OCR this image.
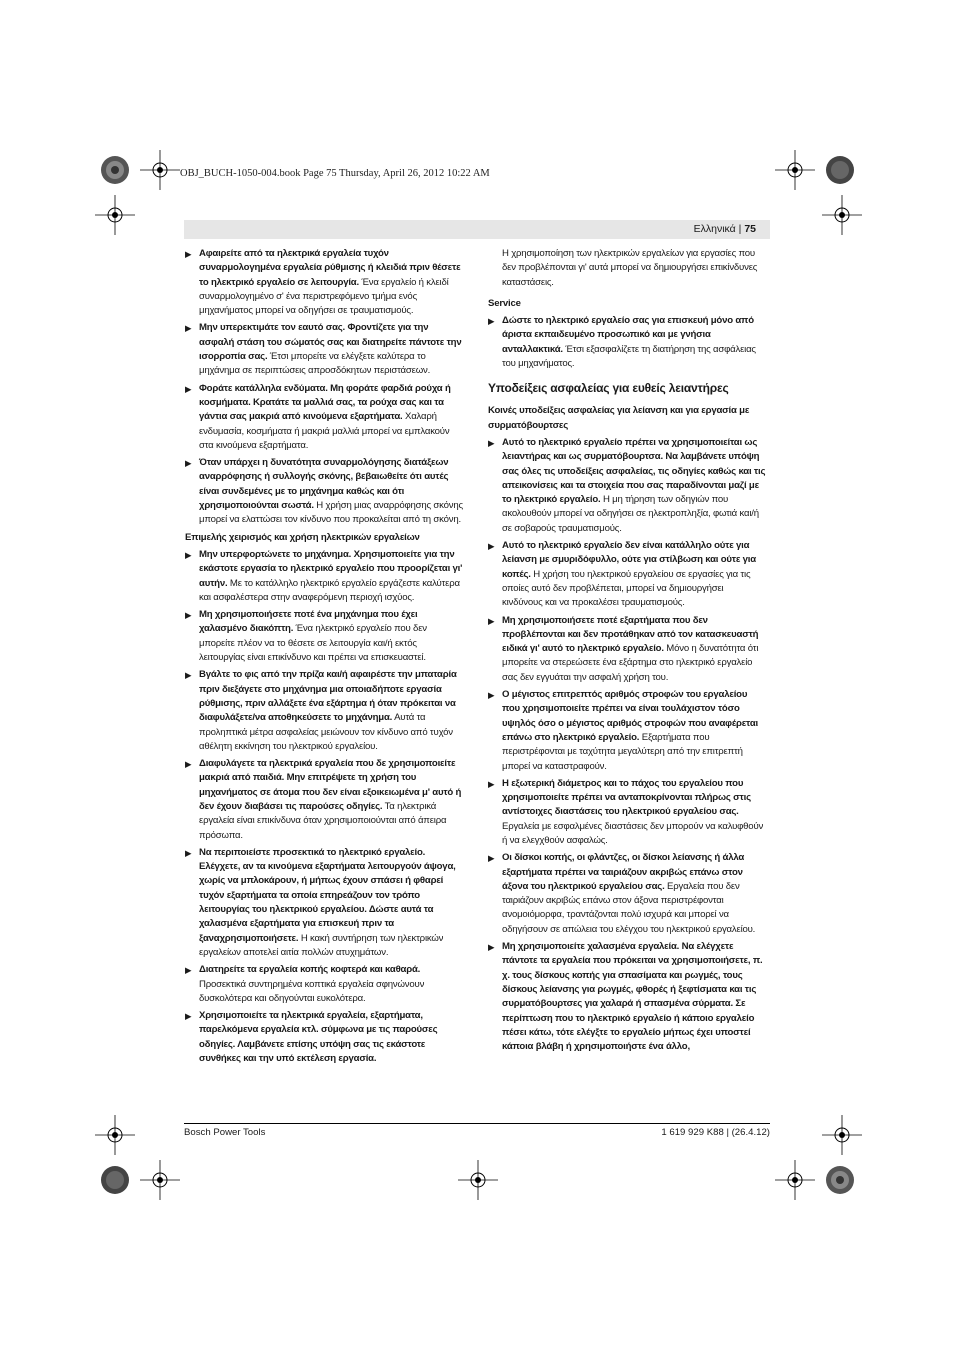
OBJ_BUCH-1050-004.book Page 75 Thursday, April 26, 2012 10:22 AM
Ελληνικά | 75
▶ Αφαιρείτε από τα ηλεκτρικά εργαλεία τυχόν συναρμολογημένα εργαλεία ρύθμισης ή κλειδιά πριν θέσετε το ηλεκτρικό εργαλείο σε λειτουργία. Ένα εργαλείο ή κλειδί συναρμολογημένο σ' ένα περιστρεφόμενο τμήμα ενός μηχανήματος μπορεί να οδηγήσει σε τραυματισμούς.
▶ Μην υπερεκτιμάτε τον εαυτό σας. Φροντίζετε για την ασφαλή στάση του σώματός σας και διατηρείτε πάντοτε την ισορροπία σας. Έτσι μπορείτε να ελέγξετε καλύτερα το μηχάνημα σε περιπτώσεις απροσδόκητων περιστάσεων.
▶ Φοράτε κατάλληλα ενδύματα. Μη φοράτε φαρδιά ρούχα ή κοσμήματα. Κρατάτε τα μαλλιά σας, τα ρούχα σας και τα γάντια σας μακριά από κινούμενα εξαρτήματα. Χαλαρή ενδυμασία, κοσμήματα ή μακριά μαλλιά μπορεί να εμπλακούν στα κινούμενα εξαρτήματα.
▶ Όταν υπάρχει η δυνατότητα συναρμολόγησης διατάξεων αναρρόφησης ή συλλογής σκόνης, βεβαιωθείτε ότι αυτές είναι συνδεμένες με το μηχάνημα καθώς και ότι χρησιμοποιούνται σωστά. Η χρήση μιας αναρρόφησης σκόνης μπορεί να ελαττώσει τον κίνδυνο που προκαλείται από τη σκόνη.
Επιμελής χειρισμός και χρήση ηλεκτρικών εργαλείων
▶ Μην υπερφορτώνετε το μηχάνημα. Χρησιμοποιείτε για την εκάστοτε εργασία το ηλεκτρικό εργαλείο που προορίζεται γι' αυτήν. Με το κατάλληλο ηλεκτρικό εργαλείο εργάζεστε καλύτερα και ασφαλέστερα στην αναφερόμενη περιοχή ισχύος.
▶ Μη χρησιμοποιήσετε ποτέ ένα μηχάνημα που έχει χαλασμένο διακόπτη. Ένα ηλεκτρικό εργαλείο που δεν μπορείτε πλέον να το θέσετε σε λειτουργία και/ή εκτός λειτουργίας είναι επικίνδυνο και πρέπει να επισκευαστεί.
▶ Βγάλτε το φις από την πρίζα και/ή αφαιρέστε την μπαταρία πριν διεξάγετε στο μηχάνημα μια οποιαδήποτε εργασία ρύθμισης, πριν αλλάξετε ένα εξάρτημα ή όταν πρόκειται να διαφυλάξετε/να αποθηκεύσετε το μηχάνημα. Αυτά τα προληπτικά μέτρα ασφαλείας μειώνουν τον κίνδυνο από τυχόν αθέλητη εκκίνηση του ηλεκτρικού εργαλείου.
▶ Διαφυλάγετε τα ηλεκτρικά εργαλεία που δε χρησιμοποιείτε μακριά από παιδιά. Μην επιτρέψετε τη χρήση του μηχανήματος σε άτομα που δεν είναι εξοικειωμένα μ' αυτό ή δεν έχουν διαβάσει τις παρούσες οδηγίες. Τα ηλεκτρικά εργαλεία είναι επικίνδυνα όταν χρησιμοποιούνται από άπειρα πρόσωπα.
▶ Να περιποιείστε προσεκτικά το ηλεκτρικό εργαλείο. Ελέγχετε, αν τα κινούμενα εξαρτήματα λειτουργούν άψογα, χωρίς να μπλοκάρουν, ή μήπως έχουν σπάσει ή φθαρεί τυχόν εξαρτήματα τα οποία επηρεάζουν τον τρόπο λειτουργίας του ηλεκτρικού εργαλείου. Δώστε αυτά τα χαλασμένα εξαρτήματα για επισκευή πριν τα ξαναχρησιμοποιήσετε. Η κακή συντήρηση των ηλεκτρικών εργαλείων αποτελεί αιτία πολλών ατυχημάτων.
▶ Διατηρείτε τα εργαλεία κοπής κοφτερά και καθαρά. Προσεκτικά συντηρημένα κοπτικά εργαλεία σφηνώνουν δυσκολότερα και οδηγούνται ευκολότερα.
▶ Χρησιμοποιείτε τα ηλεκτρικά εργαλεία, εξαρτήματα, παρελκόμενα εργαλεία κτλ. σύμφωνα με τις παρούσες οδηγίες. Λαμβάνετε επίσης υπόψη σας τις εκάστοτε συνθήκες και την υπό εκτέλεση εργασία.
Η χρησιμοποίηση των ηλεκτρικών εργαλείων για εργασίες που δεν προβλέπονται γι' αυτά μπορεί να δημιουργήσει επικίνδυνες καταστάσεις.
Service
▶ Δώστε το ηλεκτρικό εργαλείο σας για επισκευή μόνο από άριστα εκπαιδευμένο προσωπικό και με γνήσια ανταλλακτικά. Έτσι εξασφαλίζετε τη διατήρηση της ασφάλειας του μηχανήματος.
Υποδείξεις ασφαλείας για ευθείς λειαντήρες
Κοινές υποδείξεις ασφαλείας για λείανση και για εργασία με συρματόβουρτσες
▶ Αυτό το ηλεκτρικό εργαλείο πρέπει να χρησιμοποιείται ως λειαντήρας και ως συρματόβουρτσα. Να λαμβάνετε υπόψη σας όλες τις υποδείξεις ασφαλείας, τις οδηγίες καθώς και τις απεικονίσεις και τα στοιχεία που σας παραδίνονται μαζί με το ηλεκτρικό εργαλείο. Η μη τήρηση των οδηγιών που ακολουθούν μπορεί να οδηγήσει σε ηλεκτροπληξία, φωτιά και/ή σε σοβαρούς τραυματισμούς.
▶ Αυτό το ηλεκτρικό εργαλείο δεν είναι κατάλληλο ούτε για λείανση με σμυριδόφυλλο, ούτε για στίλβωση και ούτε για κοπές. Η χρήση του ηλεκτρικού εργαλείου σε εργασίες για τις οποίες αυτό δεν προβλέπεται, μπορεί να δημιουργήσει κινδύνους και να προκαλέσει τραυματισμούς.
▶ Μη χρησιμοποιήσετε ποτέ εξαρτήματα που δεν προβλέπονται και δεν προτάθηκαν από τον κατασκευαστή ειδικά γι' αυτό το ηλεκτρικό εργαλείο. Μόνο η δυνατότητα ότι μπορείτε να στερεώσετε ένα εξάρτημα στο ηλεκτρικό εργαλείο σας δεν εγγυάται την ασφαλή χρήση του.
▶ Ο μέγιστος επιτρεπτός αριθμός στροφών του εργαλείου που χρησιμοποιείτε πρέπει να είναι τουλάχιστον τόσο υψηλός όσο ο μέγιστος αριθμός στροφών που αναφέρεται επάνω στο ηλεκτρικό εργαλείο. Εξαρτήματα που περιστρέφονται με ταχύτητα μεγαλύτερη από την επιτρεπτή μπορεί να καταστραφούν.
▶ Η εξωτερική διάμετρος και το πάχος του εργαλείου που χρησιμοποιείτε πρέπει να ανταποκρίνονται πλήρως στις αντίστοιχες διαστάσεις του ηλεκτρικού εργαλείου σας. Εργαλεία με εσφαλμένες διαστάσεις δεν μπορούν να καλυφθούν ή να ελεγχθούν ασφαλώς.
▶ Οι δίσκοι κοπής, οι φλάντζες, οι δίσκοι λείανσης ή άλλα εξαρτήματα πρέπει να ταιριάζουν ακριβώς επάνω στον άξονα του ηλεκτρικού εργαλείου σας. Εργαλεία που δεν ταιριάζουν ακριβώς επάνω στον άξονα περιστρέφονται ανομοιόμορφα, τραντάζονται πολύ ισχυρά και μπορεί να οδηγήσουν σε απώλεια του ελέγχου του ηλεκτρικού εργαλείου.
▶ Μη χρησιμοποιείτε χαλασμένα εργαλεία. Να ελέγχετε πάντοτε τα εργαλεία που πρόκειται να χρησιμοποιήσετε, π. χ. τους δίσκους κοπής για σπασίματα και ρωγμές, τους δίσκους λείανσης για ρωγμές, φθορές ή ξεφτίσματα και τις συρματόβουρτσες για χαλαρά ή σπασμένα σύρματα. Σε περίπτωση που το ηλεκτρικό εργαλείο ή κάποιο εργαλείο πέσει κάτω, τότε ελέγξτε το εργαλείο μήπως έχει υποστεί κάποια βλάβη ή χρησιμοποιήστε ένα άλλο,
Bosch Power Tools	1 619 929 K88 | (26.4.12)
